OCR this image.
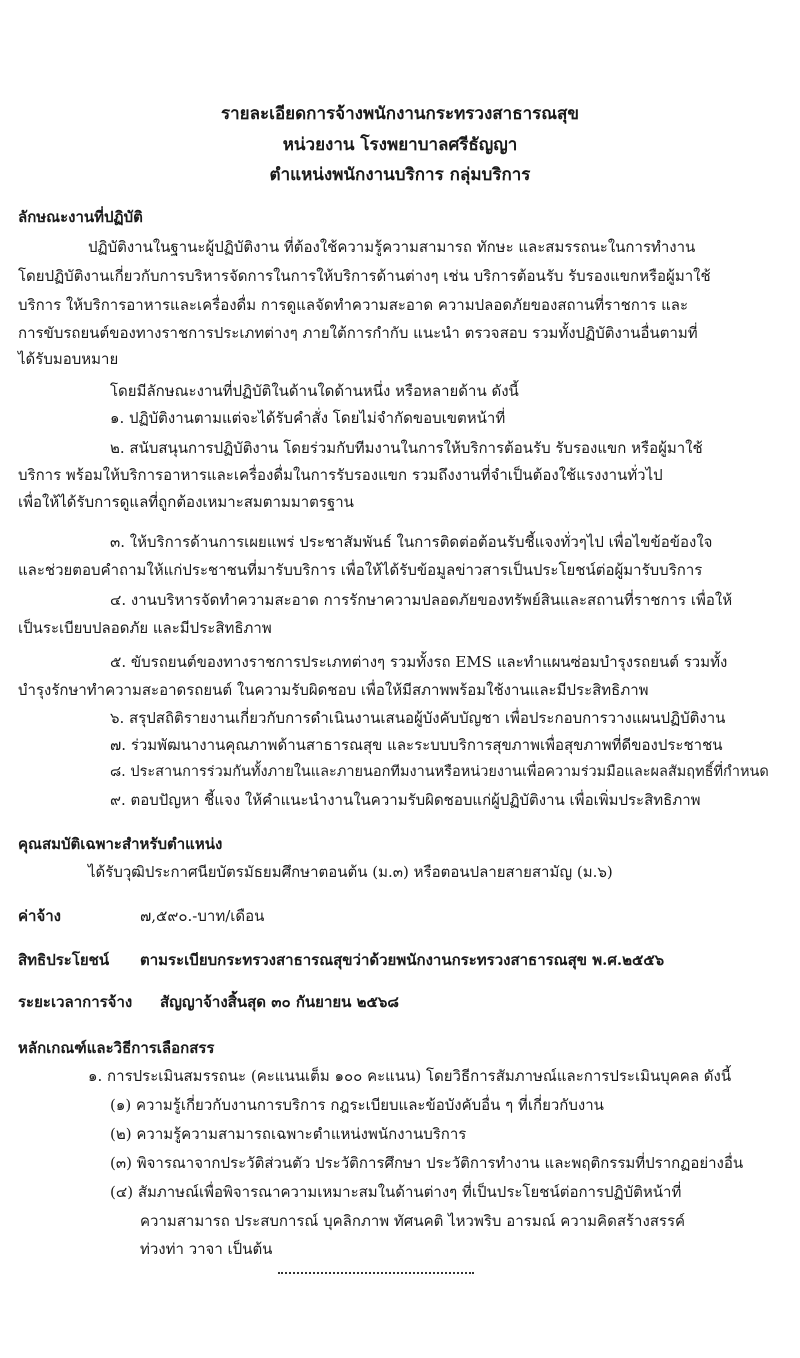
รายละเอียดการจ้างพนักงานกระทรวงสาธารณสุข
หน่วยงาน โรงพยาบาลศรีธัญญา
ตำแหน่งพนักงานบริการ กลุ่มบริการ
ลักษณะงานที่ปฏิบัติ
ปฏิบัติงานในฐานะผู้ปฏิบัติงาน ที่ต้องใช้ความรู้ความสามารถ ทักษะ และสมรรถนะในการทำงาน
โดยปฏิบัติงานเกี่ยวกับการบริหารจัดการในการให้บริการด้านต่างๆ เช่น บริการต้อนรับ รับรองแขกหรือผู้มาใช้
บริการ ให้บริการอาหารและเครื่องดื่ม การดูแลจัดทำความสะอาด ความปลอดภัยของสถานที่ราชการ และ
การขับรถยนต์ของทางราชการประเภทต่างๆ ภายใต้การกำกับ แนะนำ ตรวจสอบ รวมทั้งปฏิบัติงานอื่นตามที่
ได้รับมอบหมาย
โดยมีลักษณะงานที่ปฏิบัติในด้านใดด้านหนึ่ง หรือหลายด้าน ดังนี้
๑. ปฏิบัติงานตามแต่จะได้รับคำสั่ง โดยไม่จำกัดขอบเขตหน้าที่
๒. สนับสนุนการปฏิบัติงาน โดยร่วมกับทีมงานในการให้บริการต้อนรับ รับรองแขก หรือผู้มาใช้
บริการ พร้อมให้บริการอาหารและเครื่องดื่มในการรับรองแขก รวมถึงงานที่จำเป็นต้องใช้แรงงานทั่วไป
เพื่อให้ได้รับการดูแลที่ถูกต้องเหมาะสมตามมาตรฐาน
๓. ให้บริการด้านการเผยแพร่ ประชาสัมพันธ์ ในการติดต่อต้อนรับชี้แจงทั่วๆไป เพื่อไขข้อข้องใจ
และช่วยตอบคำถามให้แก่ประชาชนที่มารับบริการ เพื่อให้ได้รับข้อมูลข่าวสารเป็นประโยชน์ต่อผู้มารับบริการ
๔. งานบริหารจัดทำความสะอาด การรักษาความปลอดภัยของทรัพย์สินและสถานที่ราชการ เพื่อให้
เป็นระเบียบปลอดภัย และมีประสิทธิภาพ
๕. ขับรถยนต์ของทางราชการประเภทต่างๆ รวมทั้งรถ EMS และทำแผนซ่อมบำรุงรถยนต์ รวมทั้ง
บำรุงรักษาทำความสะอาดรถยนต์ ในความรับผิดชอบ เพื่อให้มีสภาพพร้อมใช้งานและมีประสิทธิภาพ
๖. สรุปสถิติรายงานเกี่ยวกับการดำเนินงานเสนอผู้บังคับบัญชา เพื่อประกอบการวางแผนปฏิบัติงาน
๗. ร่วมพัฒนางานคุณภาพด้านสาธารณสุข และระบบบริการสุขภาพเพื่อสุขภาพที่ดีของประชาชน
๘. ประสานการร่วมกันทั้งภายในและภายนอกทีมงานหรือหน่วยงานเพื่อความร่วมมือและผลสัมฤทธิ์ที่กำหนด
๙. ตอบปัญหา ชี้แจง ให้คำแนะนำงานในความรับผิดชอบแก่ผู้ปฏิบัติงาน เพื่อเพิ่มประสิทธิภาพ
คุณสมบัติเฉพาะสำหรับตำแหน่ง
ได้รับวุฒิประกาศนียบัตรมัธยมศึกษาตอนต้น (ม.๓) หรือตอนปลายสายสามัญ (ม.๖)
ค่าจ้าง	๗,๕๙๐.-บาท/เดือน
สิทธิประโยชน์ ตามระเบียบกระทรวงสาธารณสุขว่าด้วยพนักงานกระทรวงสาธารณสุข พ.ศ.๒๕๕๖
ระยะเวลาการจ้าง สัญญาจ้างสิ้นสุด ๓๐ กันยายน ๒๕๖๘
หลักเกณฑ์และวิธีการเลือกสรร
๑. การประเมินสมรรถนะ (คะแนนเต็ม ๑๐๐ คะแนน) โดยวิธีการสัมภาษณ์และการประเมินบุคคล ดังนี้
(๑) ความรู้เกี่ยวกับงานการบริการ กฎระเบียบและข้อบังคับอื่น ๆ ที่เกี่ยวกับงาน
(๒) ความรู้ความสามารถเฉพาะตำแหน่งพนักงานบริการ
(๓) พิจารณาจากประวัติส่วนตัว ประวัติการศึกษา ประวัติการทำงาน และพฤติกรรมที่ปรากฏอย่างอื่น
(๔) สัมภาษณ์เพื่อพิจารณาความเหมาะสมในด้านต่างๆ ที่เป็นประโยชน์ต่อการปฏิบัติหน้าที่
ความสามารถ ประสบการณ์ บุคลิกภาพ ทัศนคติ ไหวพริบ อารมณ์ ความคิดสร้างสรรค์
ท่วงท่า วาจา เป็นต้น
